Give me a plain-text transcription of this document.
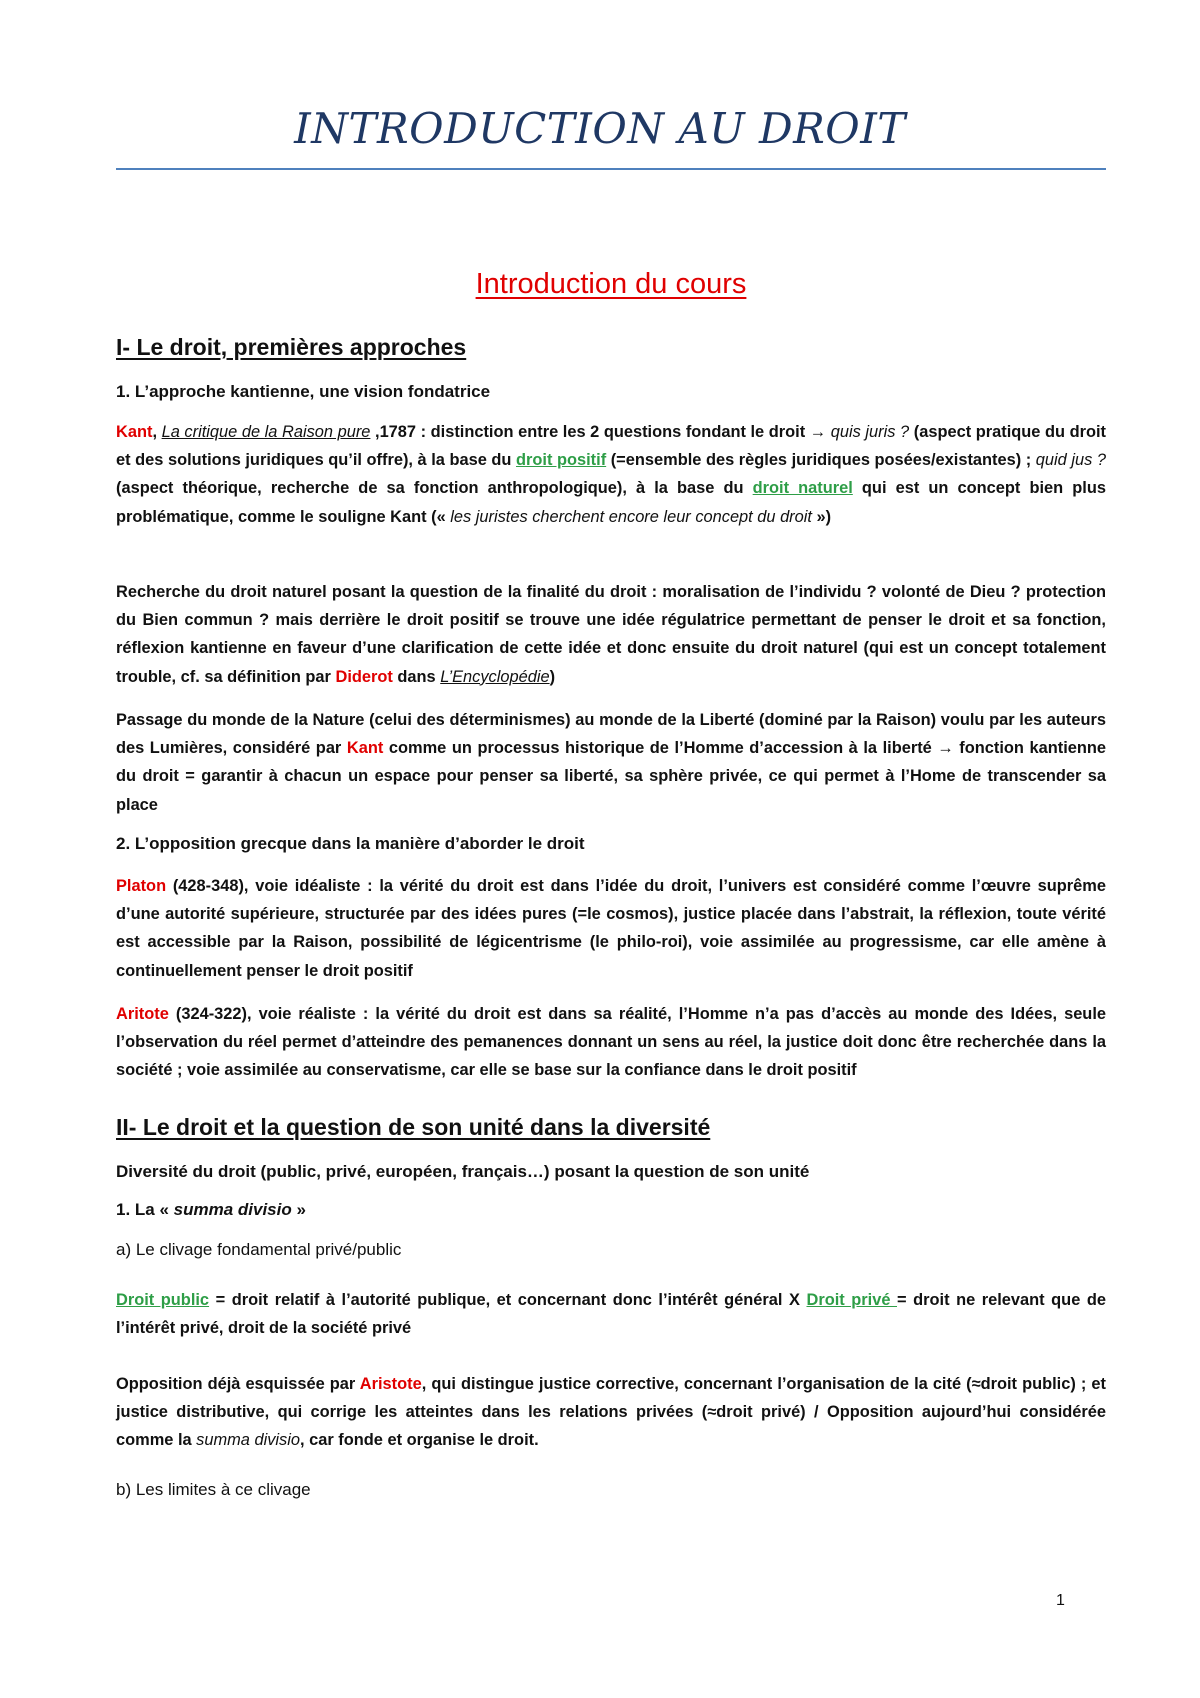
INTRODUCTION AU DROIT
Introduction du cours
I- Le droit, premières approches
1. L’approche kantienne, une vision fondatrice
Kant, La critique de la Raison pure ,1787 : distinction entre les 2 questions fondant le droit → quis juris ? (aspect pratique du droit et des solutions juridiques qu’il offre), à la base du droit positif (=ensemble des règles juridiques posées/existantes) ; quid jus ? (aspect théorique, recherche de sa fonction anthropologique), à la base du droit naturel qui est un concept bien plus problématique, comme le souligne Kant (« les juristes cherchent encore leur concept du droit »)
Recherche du droit naturel posant la question de la finalité du droit : moralisation de l’individu ? volonté de Dieu ? protection du Bien commun ? mais derrière le droit positif se trouve une idée régulatrice permettant de penser le droit et sa fonction, réflexion kantienne en faveur d’une clarification de cette idée et donc ensuite du droit naturel (qui est un concept totalement trouble, cf. sa définition par Diderot dans L’Encyclopédie)
Passage du monde de la Nature (celui des déterminismes) au monde de la Liberté (dominé par la Raison) voulu par les auteurs des Lumières, considéré par Kant comme un processus historique de l’Homme d’accession à la liberté → fonction kantienne du droit = garantir à chacun un espace pour penser sa liberté, sa sphère privée, ce qui permet à l’Home de transcender sa place
2. L’opposition grecque dans la manière d’aborder le droit
Platon (428-348), voie idéaliste : la vérité du droit est dans l’idée du droit, l’univers est considéré comme l’œuvre suprême d’une autorité supérieure, structurée par des idées pures (=le cosmos), justice placée dans l’abstrait, la réflexion, toute vérité est accessible par la Raison, possibilité de légicentrisme (le philo-roi), voie assimilée au progressisme, car elle amène à continuellement penser le droit positif
Aritote (324-322), voie réaliste : la vérité du droit est dans sa réalité, l’Homme n’a pas d’accès au monde des Idées, seule l’observation du réel permet d’atteindre des pemanences donnant un sens au réel, la justice doit donc être recherchée dans la société ; voie assimilée au conservatisme, car elle se base sur la confiance dans le droit positif
II- Le droit et la question de son unité dans la diversité
Diversité du droit (public, privé, européen, français…) posant la question de son unité
1. La « summa divisio »
a) Le clivage fondamental privé/public
Droit public = droit relatif à l’autorité publique, et concernant donc l’intérêt général X Droit privé = droit ne relevant que de l’intérêt privé, droit de la société privé
Opposition déjà esquissée par Aristote, qui distingue justice corrective, concernant l’organisation de la cité (≈droit public) ; et justice distributive, qui corrige les atteintes dans les relations privées (≈droit privé) / Opposition aujourd’hui considérée comme la summa divisio, car fonde et organise le droit.
b) Les limites à ce clivage
1
